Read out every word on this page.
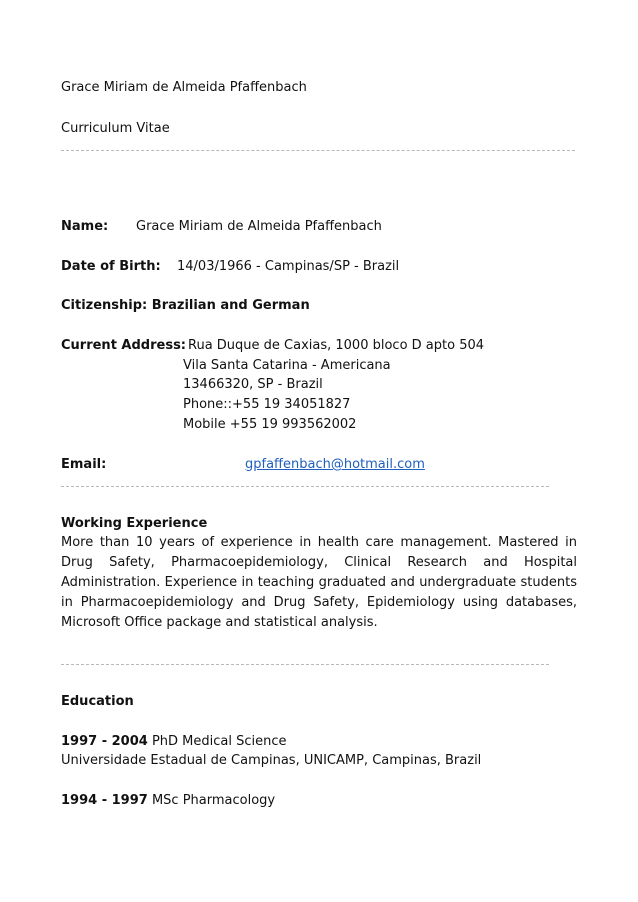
Grace Miriam de Almeida Pfaffenbach
Curriculum Vitae
Name: Grace Miriam de Almeida Pfaffenbach
Date of Birth: 14/03/1966 - Campinas/SP - Brazil
Citizenship: Brazilian and German
Current Address: Rua Duque de Caxias, 1000 bloco D apto 504
Vila Santa Catarina - Americana
13466320, SP - Brazil
Phone::+55 19 34051827
Mobile +55 19 993562002
Email:	gpfaffenbach@hotmail.com
Working Experience
More than 10 years of experience in health care management. Mastered in Drug Safety, Pharmacoepidemiology, Clinical Research and Hospital Administration. Experience in teaching graduated and undergraduate students in Pharmacoepidemiology and Drug Safety, Epidemiology using databases, Microsoft Office package and statistical analysis.
Education
1997 - 2004 PhD Medical Science
Universidade Estadual de Campinas, UNICAMP, Campinas, Brazil
1994 - 1997 MSc Pharmacology
